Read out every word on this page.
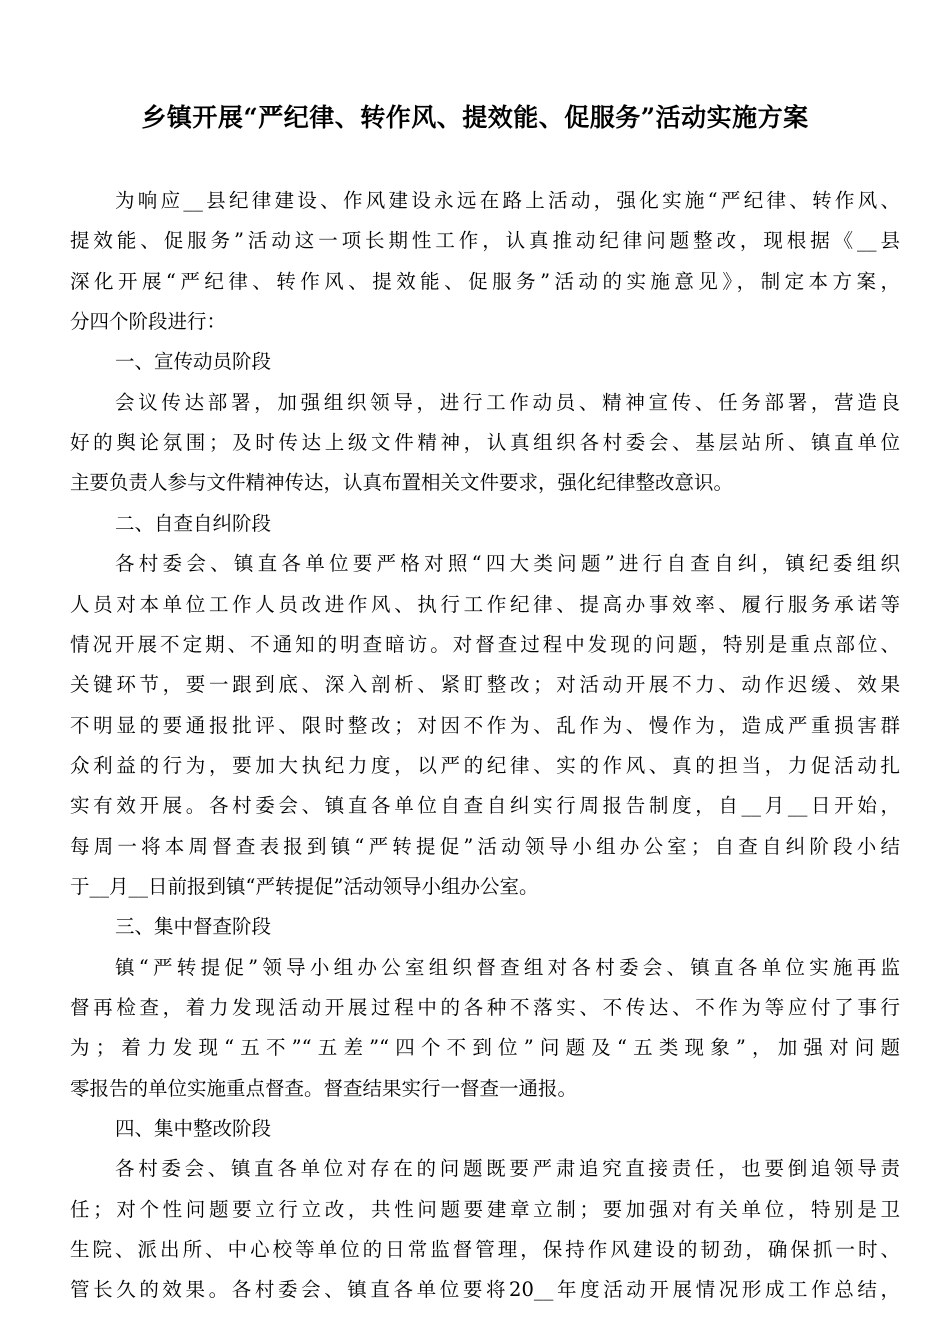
乡镇开展“严纪律、转作风、提效能、促服务”活动实施方案
为响应__县纪律建设、作风建设永远在路上活动，强化实施“严纪律、转作风、
提效能、促服务”活动这一项长期性工作，认真推动纪律问题整改，现根据《__县
深化开展“严纪律、转作风、提效能、促服务”活动的实施意见》，制定本方案，
分四个阶段进行：
一、宣传动员阶段
会议传达部署，加强组织领导，进行工作动员、精神宣传、任务部署，营造良
好的舆论氛围；及时传达上级文件精神，认真组织各村委会、基层站所、镇直单位
主要负责人参与文件精神传达，认真布置相关文件要求，强化纪律整改意识。
二、自查自纠阶段
各村委会、镇直各单位要严格对照“四大类问题”进行自查自纠，镇纪委组织
人员对本单位工作人员改进作风、执行工作纪律、提高办事效率、履行服务承诺等
情况开展不定期、不通知的明查暗访。对督查过程中发现的问题，特别是重点部位、
关键环节，要一跟到底、深入剖析、紧盯整改；对活动开展不力、动作迟缓、效果
不明显的要通报批评、限时整改；对因不作为、乱作为、慢作为，造成严重损害群
众利益的行为，要加大执纪力度，以严的纪律、实的作风、真的担当，力促活动扎
实有效开展。各村委会、镇直各单位自查自纠实行周报告制度，自__月__日开始，
每周一将本周督查表报到镇“严转提促”活动领导小组办公室；自查自纠阶段小结
于__月__日前报到镇“严转提促”活动领导小组办公室。
三、集中督查阶段
镇“严转提促”领导小组办公室组织督查组对各村委会、镇直各单位实施再监
督再检查，着力发现活动开展过程中的各种不落实、不传达、不作为等应付了事行
为；着力发现“五不”“五差”“四个不到位”问题及“五类现象”，加强对问题
零报告的单位实施重点督查。督查结果实行一督查一通报。
四、集中整改阶段
各村委会、镇直各单位对存在的问题既要严肃追究直接责任，也要倒追领导责
任；对个性问题要立行立改，共性问题要建章立制；要加强对有关单位，特别是卫
生院、派出所、中心校等单位的日常监督管理，保持作风建设的韧劲，确保抓一时、
管长久的效果。各村委会、镇直各单位要将20__年度活动开展情况形成工作总结，
